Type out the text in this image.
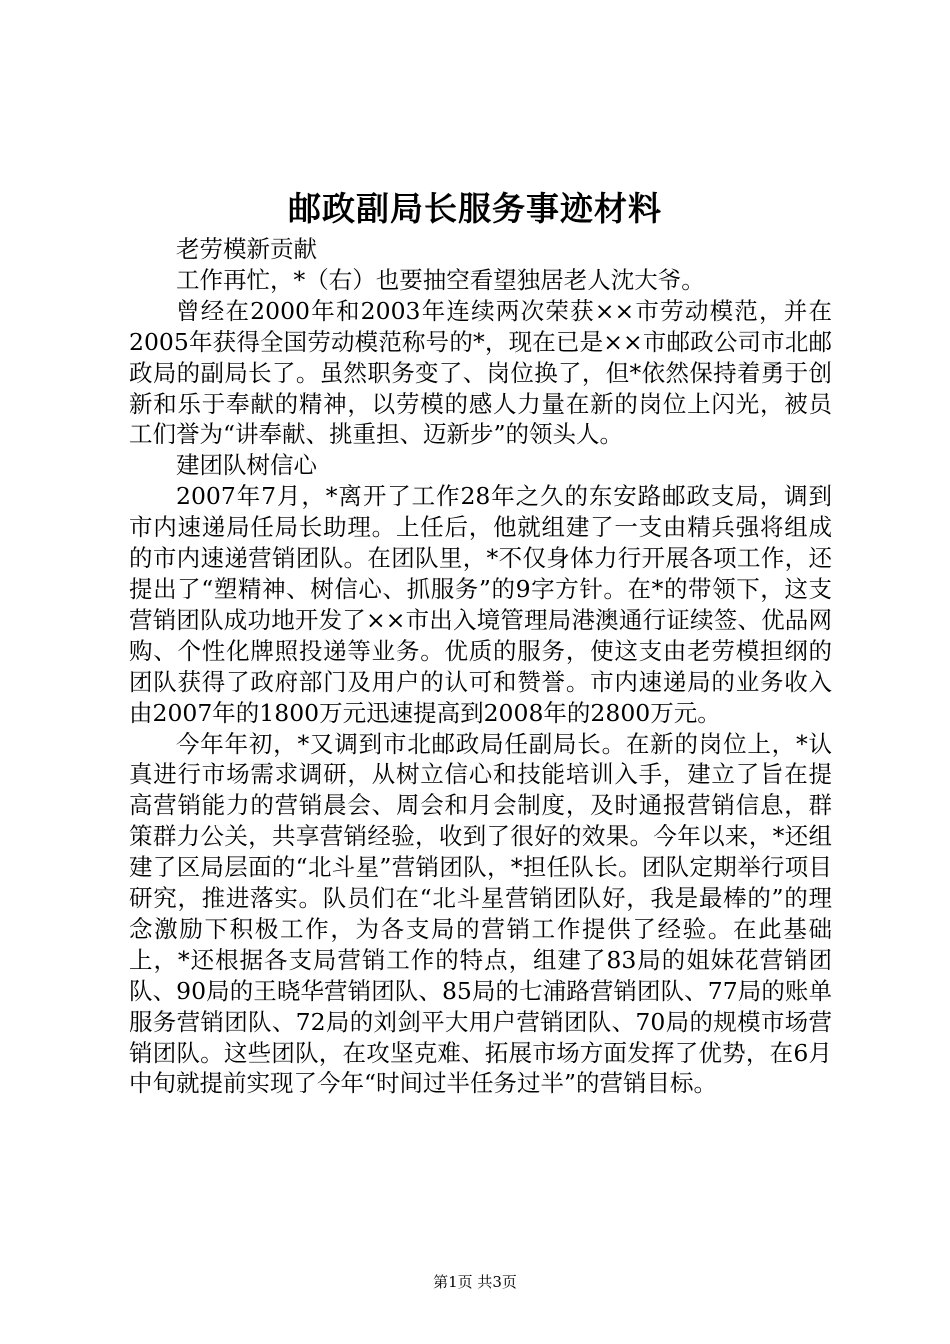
邮政副局长服务事迹材料

老劳模新贡献

工作再忙，*（右）也要抽空看望独居老人沈大爷。

曾经在2000年和2003年连续两次荣获××市劳动模范，并在2005年获得全国劳动模范称号的*，现在已是××市邮政公司市北邮政局的副局长了。虽然职务变了、岗位换了，但*依然保持着勇于创新和乐于奉献的精神，以劳模的感人力量在新的岗位上闪光，被员工们誉为“讲奉献、挑重担、迈新步”的领头人。

建团队树信心

2007年7月，*离开了工作28年之久的东安路邮政支局，调到市内速递局任局长助理。上任后，他就组建了一支由精兵强将组成的市内速递营销团队。在团队里，*不仅身体力行开展各项工作，还提出了“塑精神、树信心、抓服务”的9字方针。在*的带领下，这支营销团队成功地开发了××市出入境管理局港澳通行证续签、优品网购、个性化牌照投递等业务。优质的服务，使这支由老劳模担纲的团队获得了政府部门及用户的认可和赞誉。市内速递局的业务收入由2007年的1800万元迅速提高到2008年的2800万元。

今年年初，*又调到市北邮政局任副局长。在新的岗位上，*认真进行市场需求调研，从树立信心和技能培训入手，建立了旨在提高营销能力的营销晨会、周会和月会制度，及时通报营销信息，群策群力公关，共享营销经验，收到了很好的效果。今年以来，*还组建了区局层面的“北斗星”营销团队，*担任队长。团队定期举行项目研究，推进落实。队员们在“北斗星营销团队好，我是最棒的”的理念激励下积极工作，为各支局的营销工作提供了经验。在此基础上，*还根据各支局营销工作的特点，组建了83局的姐妹花营销团队、90局的王晓华营销团队、85局的七浦路营销团队、77局的账单服务营销团队、72局的刘剑平大用户营销团队、70局的规模市场营销团队。这些团队，在攻坚克难、拓展市场方面发挥了优势，在6月中旬就提前实现了今年“时间过半任务过半”的营销目标。

第1页 共3页
